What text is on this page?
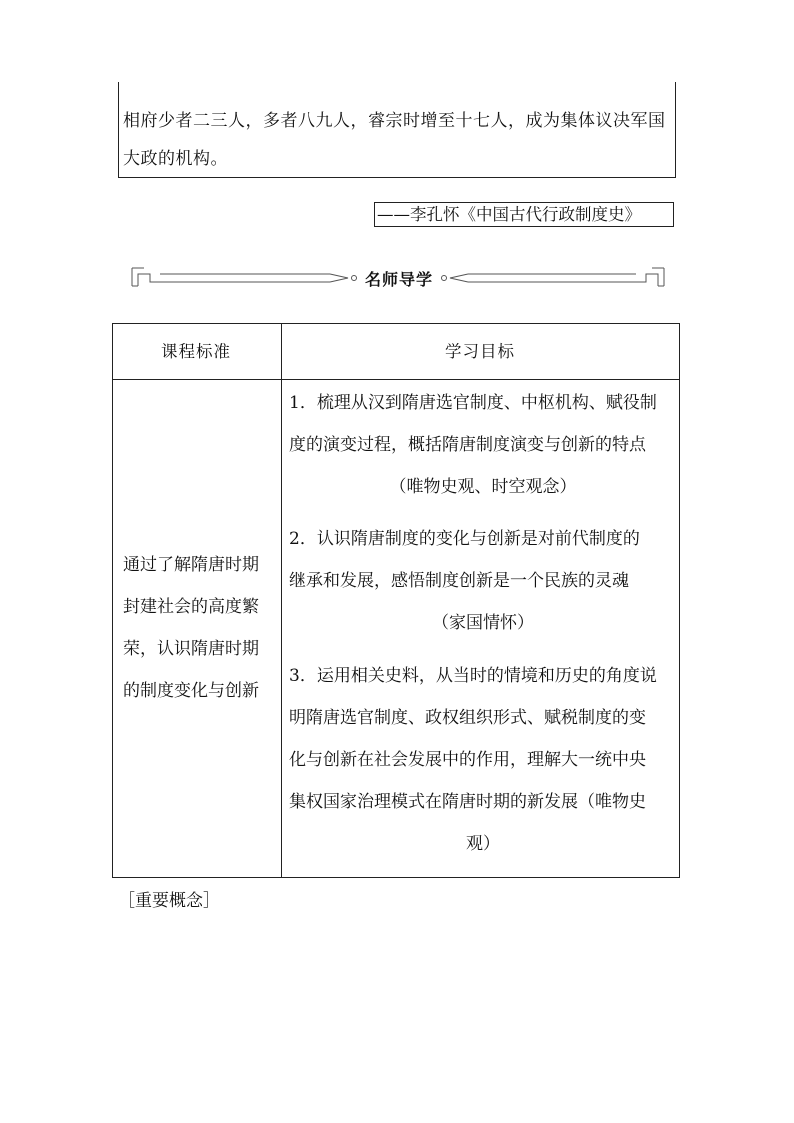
相府少者二三人，多者八九人，睿宗时增至十七人，成为集体议决军国
大政的机构。
——李孔怀《中国古代行政制度史》
名师导学
课程标准	学习目标
通过了解隋唐时期
封建社会的高度繁
荣，认识隋唐时期
的制度变化与创新
1．梳理从汉到隋唐选官制度、中枢机构、赋役制
度的演变过程，概括隋唐制度演变与创新的特点
（唯物史观、时空观念）
2．认识隋唐制度的变化与创新是对前代制度的
继承和发展，感悟制度创新是一个民族的灵魂
（家国情怀）
3．运用相关史料，从当时的情境和历史的角度说
明隋唐选官制度、政权组织形式、赋税制度的变
化与创新在社会发展中的作用，理解大一统中央
集权国家治理模式在隋唐时期的新发展（唯物史
观）
［重要概念］
